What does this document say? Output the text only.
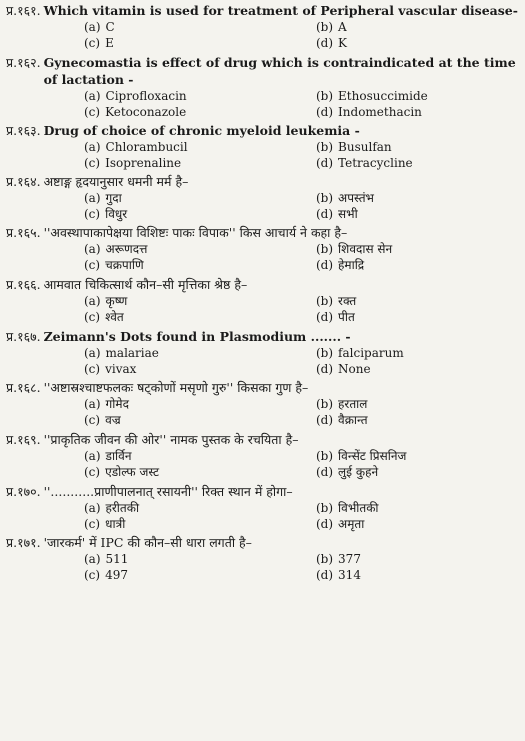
प्र.१६१. Which vitamin is used for treatment of Peripheral vascular disease-
(a) C	(b) A
(c) E	(d) K
प्र.१६२. Gynecomastia is effect of drug which is contraindicated at the time of lactation -
(a) Ciprofloxacin	(b) Ethosuccimide
(c) Ketoconazole	(d) Indomethacin
प्र.१६३. Drug of choice of chronic myeloid leukemia -
(a) Chlorambucil	(b) Busulfan
(c) Isoprenaline	(d) Tetracycline
प्र.१६४. अष्टाङ्ग हृदयानुसार धमनी मर्म है–
(a) गुदा	(b) अपस्तंभ
(c) विधुर	(d) सभी
प्र.१६५. ''अवस्थापाकापेक्षया विशिष्टः पाकः विपाक'' किस आचार्य ने कहा है–
(a) अरूणदत्त	(b) शिवदास सेन
(c) चक्रपाणि	(d) हेमाद्रि
प्र.१६६. आमवात चिकित्सार्थ कौन–सी मृत्तिका श्रेष्ठ है–
(a) कृष्ण	(b) रक्त
(c) श्वेत	(d) पीत
प्र.१६७. Zeimann's Dots found in Plasmodium ....... -
(a) malariae	(b) falciparum
(c) vivax	(d) None
प्र.१६८. ''अष्टास्रश्चाष्टफलकः षट्कोणों मसृणो गुरु'' किसका गुण है–
(a) गोमेद	(b) हरताल
(c) वज्र	(d) वैक्रान्त
प्र.१६९. ''प्राकृतिक जीवन की ओर'' नामक पुस्तक के रचयिता है–
(a) डार्विन	(b) विन्सेंट प्रिसनिज
(c) एडोल्फ जस्ट	(d) लुई कुहने
प्र.१७०. ''...........प्राणीपालनात् रसायनी'' रिक्त स्थान में होगा–
(a) हरीतकी	(b) विभीतकी
(c) धात्री	(d) अमृता
प्र.१७१. 'जारकर्म' में IPC की कौन–सी धारा लगती है–
(a) 511	(b) 377
(c) 497	(d) 314
